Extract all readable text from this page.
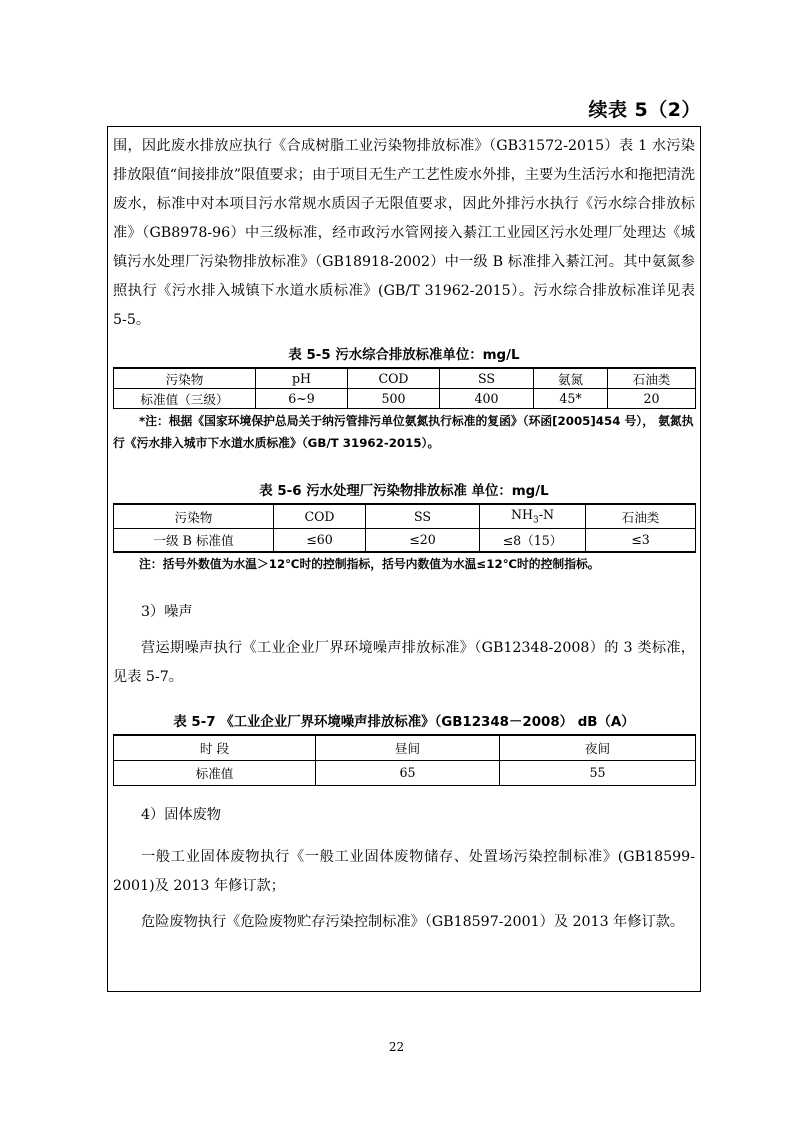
续表 5（2）

围，因此废水排放应执行《合成树脂工业污染物排放标准》（GB31572-2015）表 1 水污染排放限值“间接排放”限值要求；由于项目无生产工艺性废水外排，主要为生活污水和拖把清洗废水，标准中对本项目污水常规水质因子无限值要求，因此外排污水执行《污水综合排放标准》（GB8978-96）中三级标准，经市政污水管网接入綦江工业园区污水处理厂处理达《城镇污水处理厂污染物排放标准》（GB18918-2002）中一级 B 标准排入綦江河。其中氨氮参照执行《污水排入城镇下水道水质标准》(GB/T 31962-2015）。污水综合排放标准详见表 5-5。

表 5-5 污水综合排放标准单位：mg/L

污染物	pH	COD	SS	氨氮	石油类
标准值（三级）	6~9	500	400	45*	20

*注：根据《国家环境保护总局关于纳污管排污单位氨氮执行标准的复函》（环函[2005]454 号）， 氨氮执行《污水排入城市下水道水质标准》（GB/T 31962-2015）。

表 5-6 污水处理厂污染物排放标准 单位：mg/L

污染物	COD	SS	$NH_3-N$	石油类
一级 B 标准值	≤60	≤20	≤8（15）	≤3

注：括号外数值为水温＞12℃时的控制指标，括号内数值为水温≤12℃时的控制指标。

3）噪声

营运期噪声执行《工业企业厂界环境噪声排放标准》（GB12348-2008）的 3 类标准，见表 5-7。

表 5-7 《工业企业厂界环境噪声排放标准》（GB12348－2008） dB（A）

时 段	昼间	夜间
标准值	65	55

4）固体废物

一般工业固体废物执行《一般工业固体废物储存、处置场污染控制标准》(GB18599-2001)及 2013 年修订款；

危险废物执行《危险废物贮存污染控制标准》（GB18597-2001）及 2013 年修订款。

22
